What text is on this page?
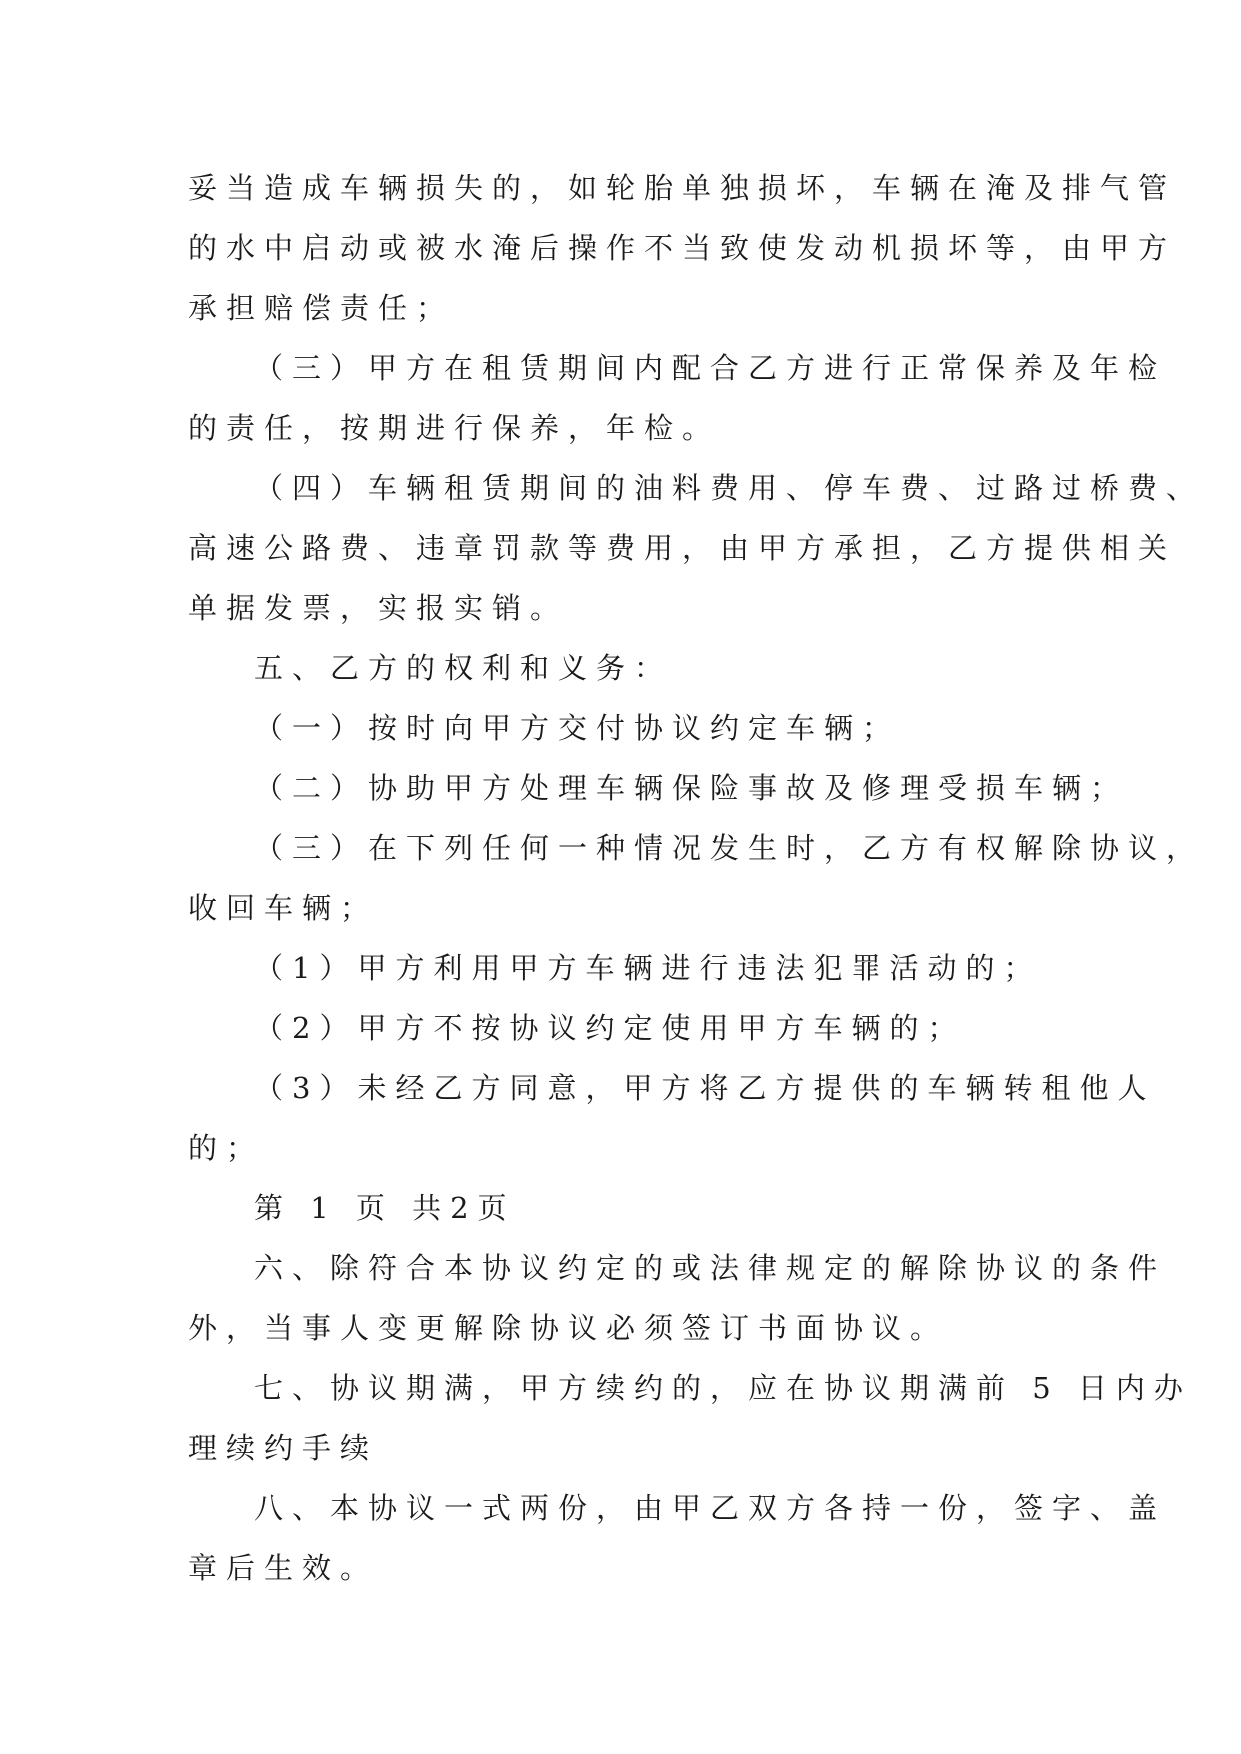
妥当造成车辆损失的，如轮胎单独损坏，车辆在淹及排气管
的水中启动或被水淹后操作不当致使发动机损坏等，由甲方
承担赔偿责任；
（三）甲方在租赁期间内配合乙方进行正常保养及年检
的责任，按期进行保养，年检。
（四）车辆租赁期间的油料费用、停车费、过路过桥费、
高速公路费、违章罚款等费用，由甲方承担，乙方提供相关
单据发票，实报实销。
五、乙方的权利和义务：
（一）按时向甲方交付协议约定车辆；
（二）协助甲方处理车辆保险事故及修理受损车辆；
（三）在下列任何一种情况发生时，乙方有权解除协议，
收回车辆；
（1）甲方利用甲方车辆进行违法犯罪活动的；
（2）甲方不按协议约定使用甲方车辆的；
（3）未经乙方同意，甲方将乙方提供的车辆转租他人
的；
第 1 页 共2页
六、除符合本协议约定的或法律规定的解除协议的条件
外，当事人变更解除协议必须签订书面协议。
七、协议期满，甲方续约的，应在协议期满前 5 日内办
理续约手续
八、本协议一式两份，由甲乙双方各持一份，签字、盖
章后生效。
